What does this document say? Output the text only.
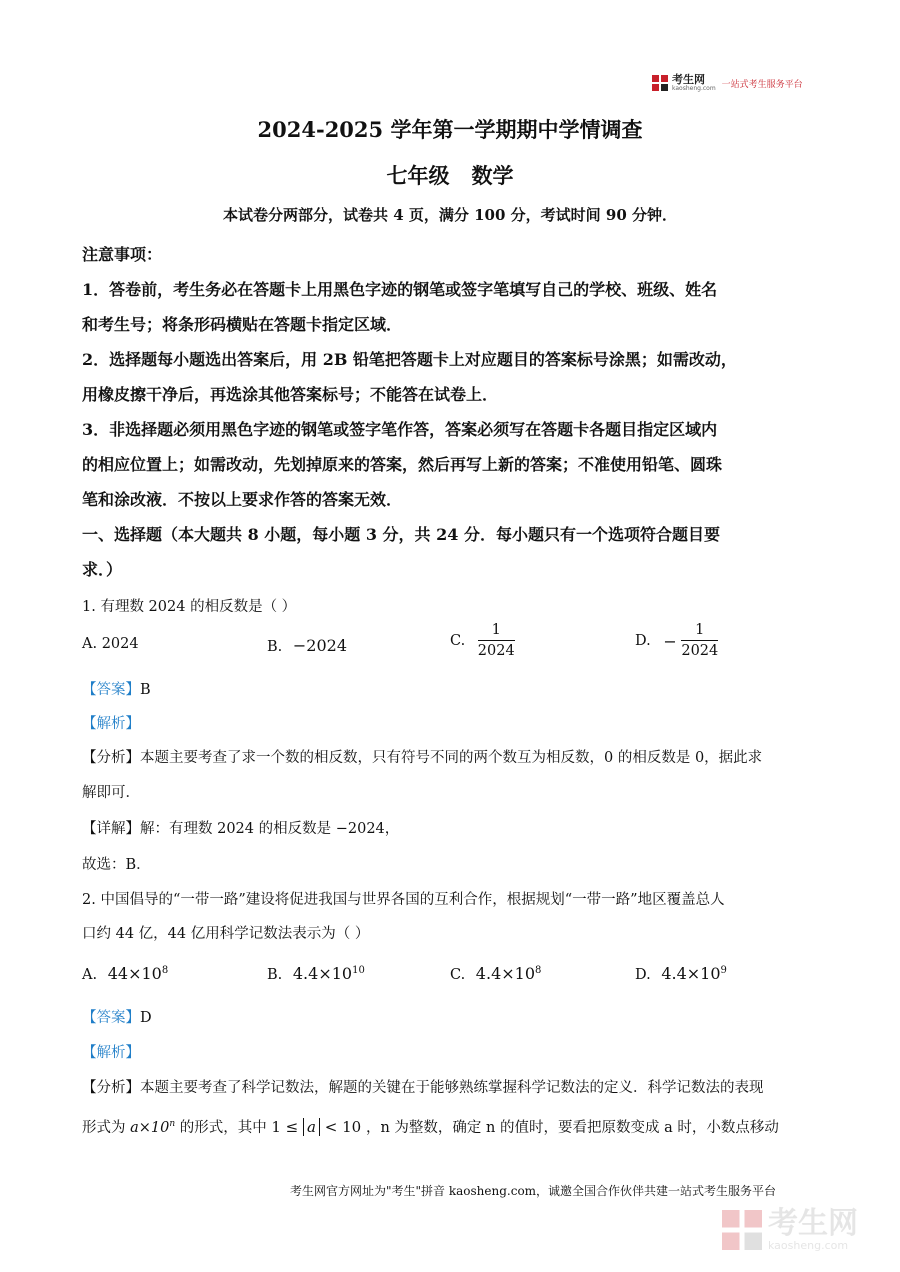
考生网
kaosheng.com 一站式考生服务平台
2024-2025 学年第一学期期中学情调查
七年级   数学
本试卷分两部分，试卷共 4 页，满分 100 分，考试时间 90 分钟．
注意事项：
1．答卷前，考生务必在答题卡上用黑色字迹的钢笔或签字笔填写自己的学校、班级、姓名
和考生号；将条形码横贴在答题卡指定区域．
2．选择题每小题选出答案后，用 2B 铅笔把答题卡上对应题目的答案标号涂黑；如需改动，
用橡皮擦干净后，再选涂其他答案标号；不能答在试卷上．
3．非选择题必须用黑色字迹的钢笔或签字笔作答，答案必须写在答题卡各题目指定区域内
的相应位置上；如需改动，先划掉原来的答案，然后再写上新的答案；不准使用铅笔、圆珠
笔和涂改液．不按以上要求作答的答案无效．
一、选择题（本大题共 8 小题，每小题 3 分，共 24 分．每小题只有一个选项符合题目要
求．）
1. 有理数 2024 的相反数是（ ）
A. 2024	B. −2024	C. $\frac{1}{2024}$	D. − $\frac{1}{2024}$
【答案】B
【解析】
【分析】本题主要考查了求一个数的相反数，只有符号不同的两个数互为相反数，0 的相反数是 0，据此求
解即可．
【详解】解：有理数 2024 的相反数是 −2024，
故选：B．
2. 中国倡导的“一带一路”建设将促进我国与世界各国的互利合作，根据规划“一带一路”地区覆盖总人
口约 44 亿，44 亿用科学记数法表示为（ ）
A. $44\times 10^8$	B. $4.4\times 10^{10}$	C. $4.4\times 10^8$	D. $4.4\times 10^9$
【答案】D
【解析】
【分析】本题主要考查了科学记数法，解题的关键在于能够熟练掌握科学记数法的定义．科学记数法的表现
形式为 $a\times 10^n$ 的形式，其中 1 ≤ a < 10 ，n 为整数，确定 n 的值时，要看把原数变成 a 时，小数点移动
考生网官方网址为"考生"拼音 kaosheng.com，诚邀全国合作伙伴共建一站式考生服务平台
考生网
kaosheng.com
